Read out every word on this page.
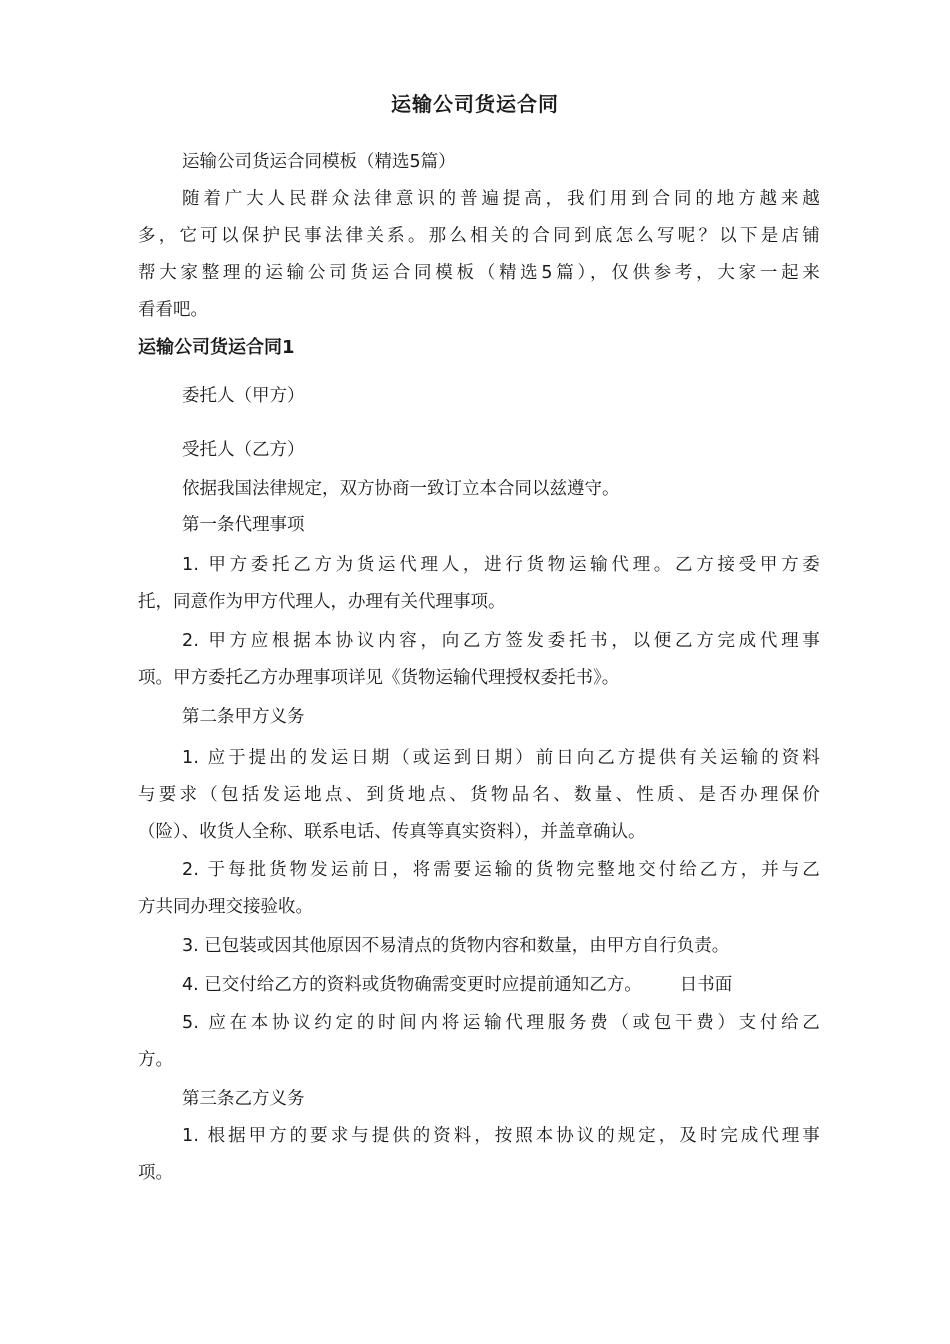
运输公司货运合同
运输公司货运合同模板（精选5篇）
随着广大人民群众法律意识的普遍提高，我们用到合同的地方越来越
多，它可以保护民事法律关系。那么相关的合同到底怎么写呢？以下是店铺
帮大家整理的运输公司货运合同模板（精选5篇），仅供参考，大家一起来
看看吧。
运输公司货运合同1
委托人（甲方）
受托人（乙方）
依据我国法律规定，双方协商一致订立本合同以兹遵守。
第一条代理事项
1. 甲方委托乙方为货运代理人，进行货物运输代理。乙方接受甲方委
托，同意作为甲方代理人，办理有关代理事项。
2. 甲方应根据本协议内容，向乙方签发委托书，以便乙方完成代理事
项。甲方委托乙方办理事项详见《货物运输代理授权委托书》。
第二条甲方义务
1. 应于提出的发运日期（或运到日期）前日向乙方提供有关运输的资料
与要求（包括发运地点、到货地点、货物品名、数量、性质、是否办理保价
（险）、收货人全称、联系电话、传真等真实资料），并盖章确认。
2. 于每批货物发运前日，将需要运输的货物完整地交付给乙方，并与乙
方共同办理交接验收。
3. 已包装或因其他原因不易清点的货物内容和数量，由甲方自行负责。
4. 已交付给乙方的资料或货物确需变更时应提前通知乙方。 日书面
5. 应在本协议约定的时间内将运输代理服务费（或包干费）支付给乙
方。
第三条乙方义务
1. 根据甲方的要求与提供的资料，按照本协议的规定，及时完成代理事
项。
